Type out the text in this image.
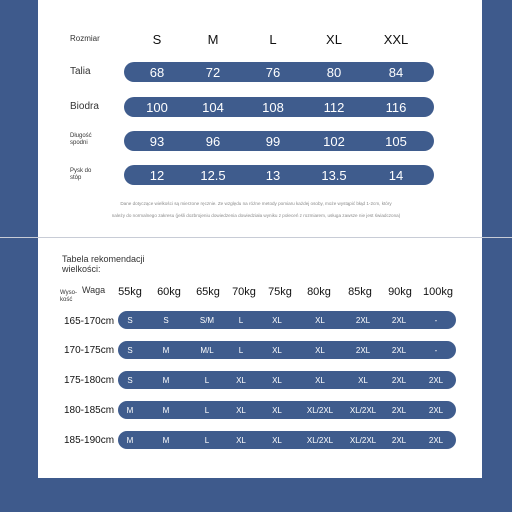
Rozmiar	S	M	L	XL	XXL
Talia	68	72	76	80	84
Biodra	100	104	108	112	116
Długość spodni	93	96	99	102	105
Pysk do stóp	12	12.5	13	13.5	14
Dane dotyczące wielkości są mierzone ręcznie. Ze względu na różne metody pomiaru każdej osoby, może wystąpić błąd 1-2cm, który
należy do normalnego zakresu (jeśli dozbrojeniu dowiedzenia dowiedziała wyniku z poleceń z rozmiarem, usługa zawsze nie jest świadczona)
Tabela rekomendacji wielkości:
Wyso-kość
Waga	55kg	60kg	65kg	70kg	75kg	80kg	85kg	90kg	100kg
165-170cm	S	S	S/M	L	XL	XL	2XL	2XL	-
170-175cm	S	M	M/L	L	XL	XL	2XL	2XL	-
175-180cm	S	M	L	XL	XL	XL	XL	2XL	2XL
180-185cm	M	M	L	XL	XL	XL/2XL	XL/2XL	2XL	2XL
185-190cm	M	M	L	XL	XL	XL/2XL	XL/2XL	2XL	2XL
